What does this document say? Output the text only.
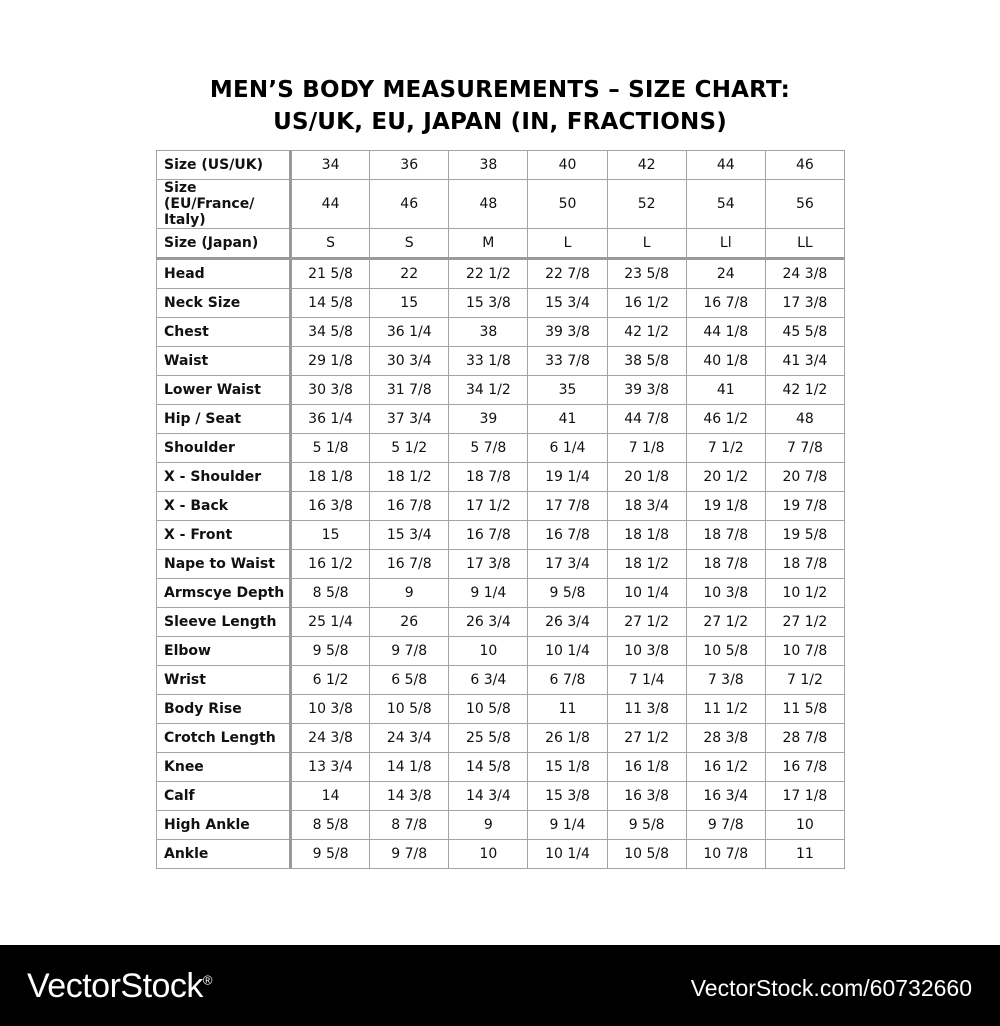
MEN’S BODY MEASUREMENTS – SIZE CHART:
US/UK, EU, JAPAN (IN, FRACTIONS)
Size (US/UK)	34	36	38	40	42	44	46
Size (EU/France/ Italy)	44	46	48	50	52	54	56
Size (Japan)	S	S	M	L	L	Ll	LL
Head	21 5/8	22	22 1/2	22 7/8	23 5/8	24	24 3/8
Neck Size	14 5/8	15	15 3/8	15 3/4	16 1/2	16 7/8	17 3/8
Chest	34 5/8	36 1/4	38	39 3/8	42 1/2	44 1/8	45 5/8
Waist	29 1/8	30 3/4	33 1/8	33 7/8	38 5/8	40 1/8	41 3/4
Lower Waist	30 3/8	31 7/8	34 1/2	35	39 3/8	41	42 1/2
Hip / Seat	36 1/4	37 3/4	39	41	44 7/8	46 1/2	48
Shoulder	5 1/8	5 1/2	5 7/8	6 1/4	7 1/8	7 1/2	7 7/8
X - Shoulder	18 1/8	18 1/2	18 7/8	19 1/4	20 1/8	20 1/2	20 7/8
X - Back	16 3/8	16 7/8	17 1/2	17 7/8	18 3/4	19 1/8	19 7/8
X - Front	15	15 3/4	16 7/8	16 7/8	18 1/8	18 7/8	19 5/8
Nape to Waist	16 1/2	16 7/8	17 3/8	17 3/4	18 1/2	18 7/8	18 7/8
Armscye Depth	8 5/8	9	9 1/4	9 5/8	10 1/4	10 3/8	10 1/2
Sleeve Length	25 1/4	26	26 3/4	26 3/4	27 1/2	27 1/2	27 1/2
Elbow	9 5/8	9 7/8	10	10 1/4	10 3/8	10 5/8	10 7/8
Wrist	6 1/2	6 5/8	6 3/4	6 7/8	7 1/4	7 3/8	7 1/2
Body Rise	10 3/8	10 5/8	10 5/8	11	11 3/8	11 1/2	11 5/8
Crotch Length	24 3/8	24 3/4	25 5/8	26 1/8	27 1/2	28 3/8	28 7/8
Knee	13 3/4	14 1/8	14 5/8	15 1/8	16 1/8	16 1/2	16 7/8
Calf	14	14 3/8	14 3/4	15 3/8	16 3/8	16 3/4	17 1/8
High Ankle	8 5/8	8 7/8	9	9 1/4	9 5/8	9 7/8	10
Ankle	9 5/8	9 7/8	10	10 1/4	10 5/8	10 7/8	11
VectorStock®	VectorStock.com/60732660
